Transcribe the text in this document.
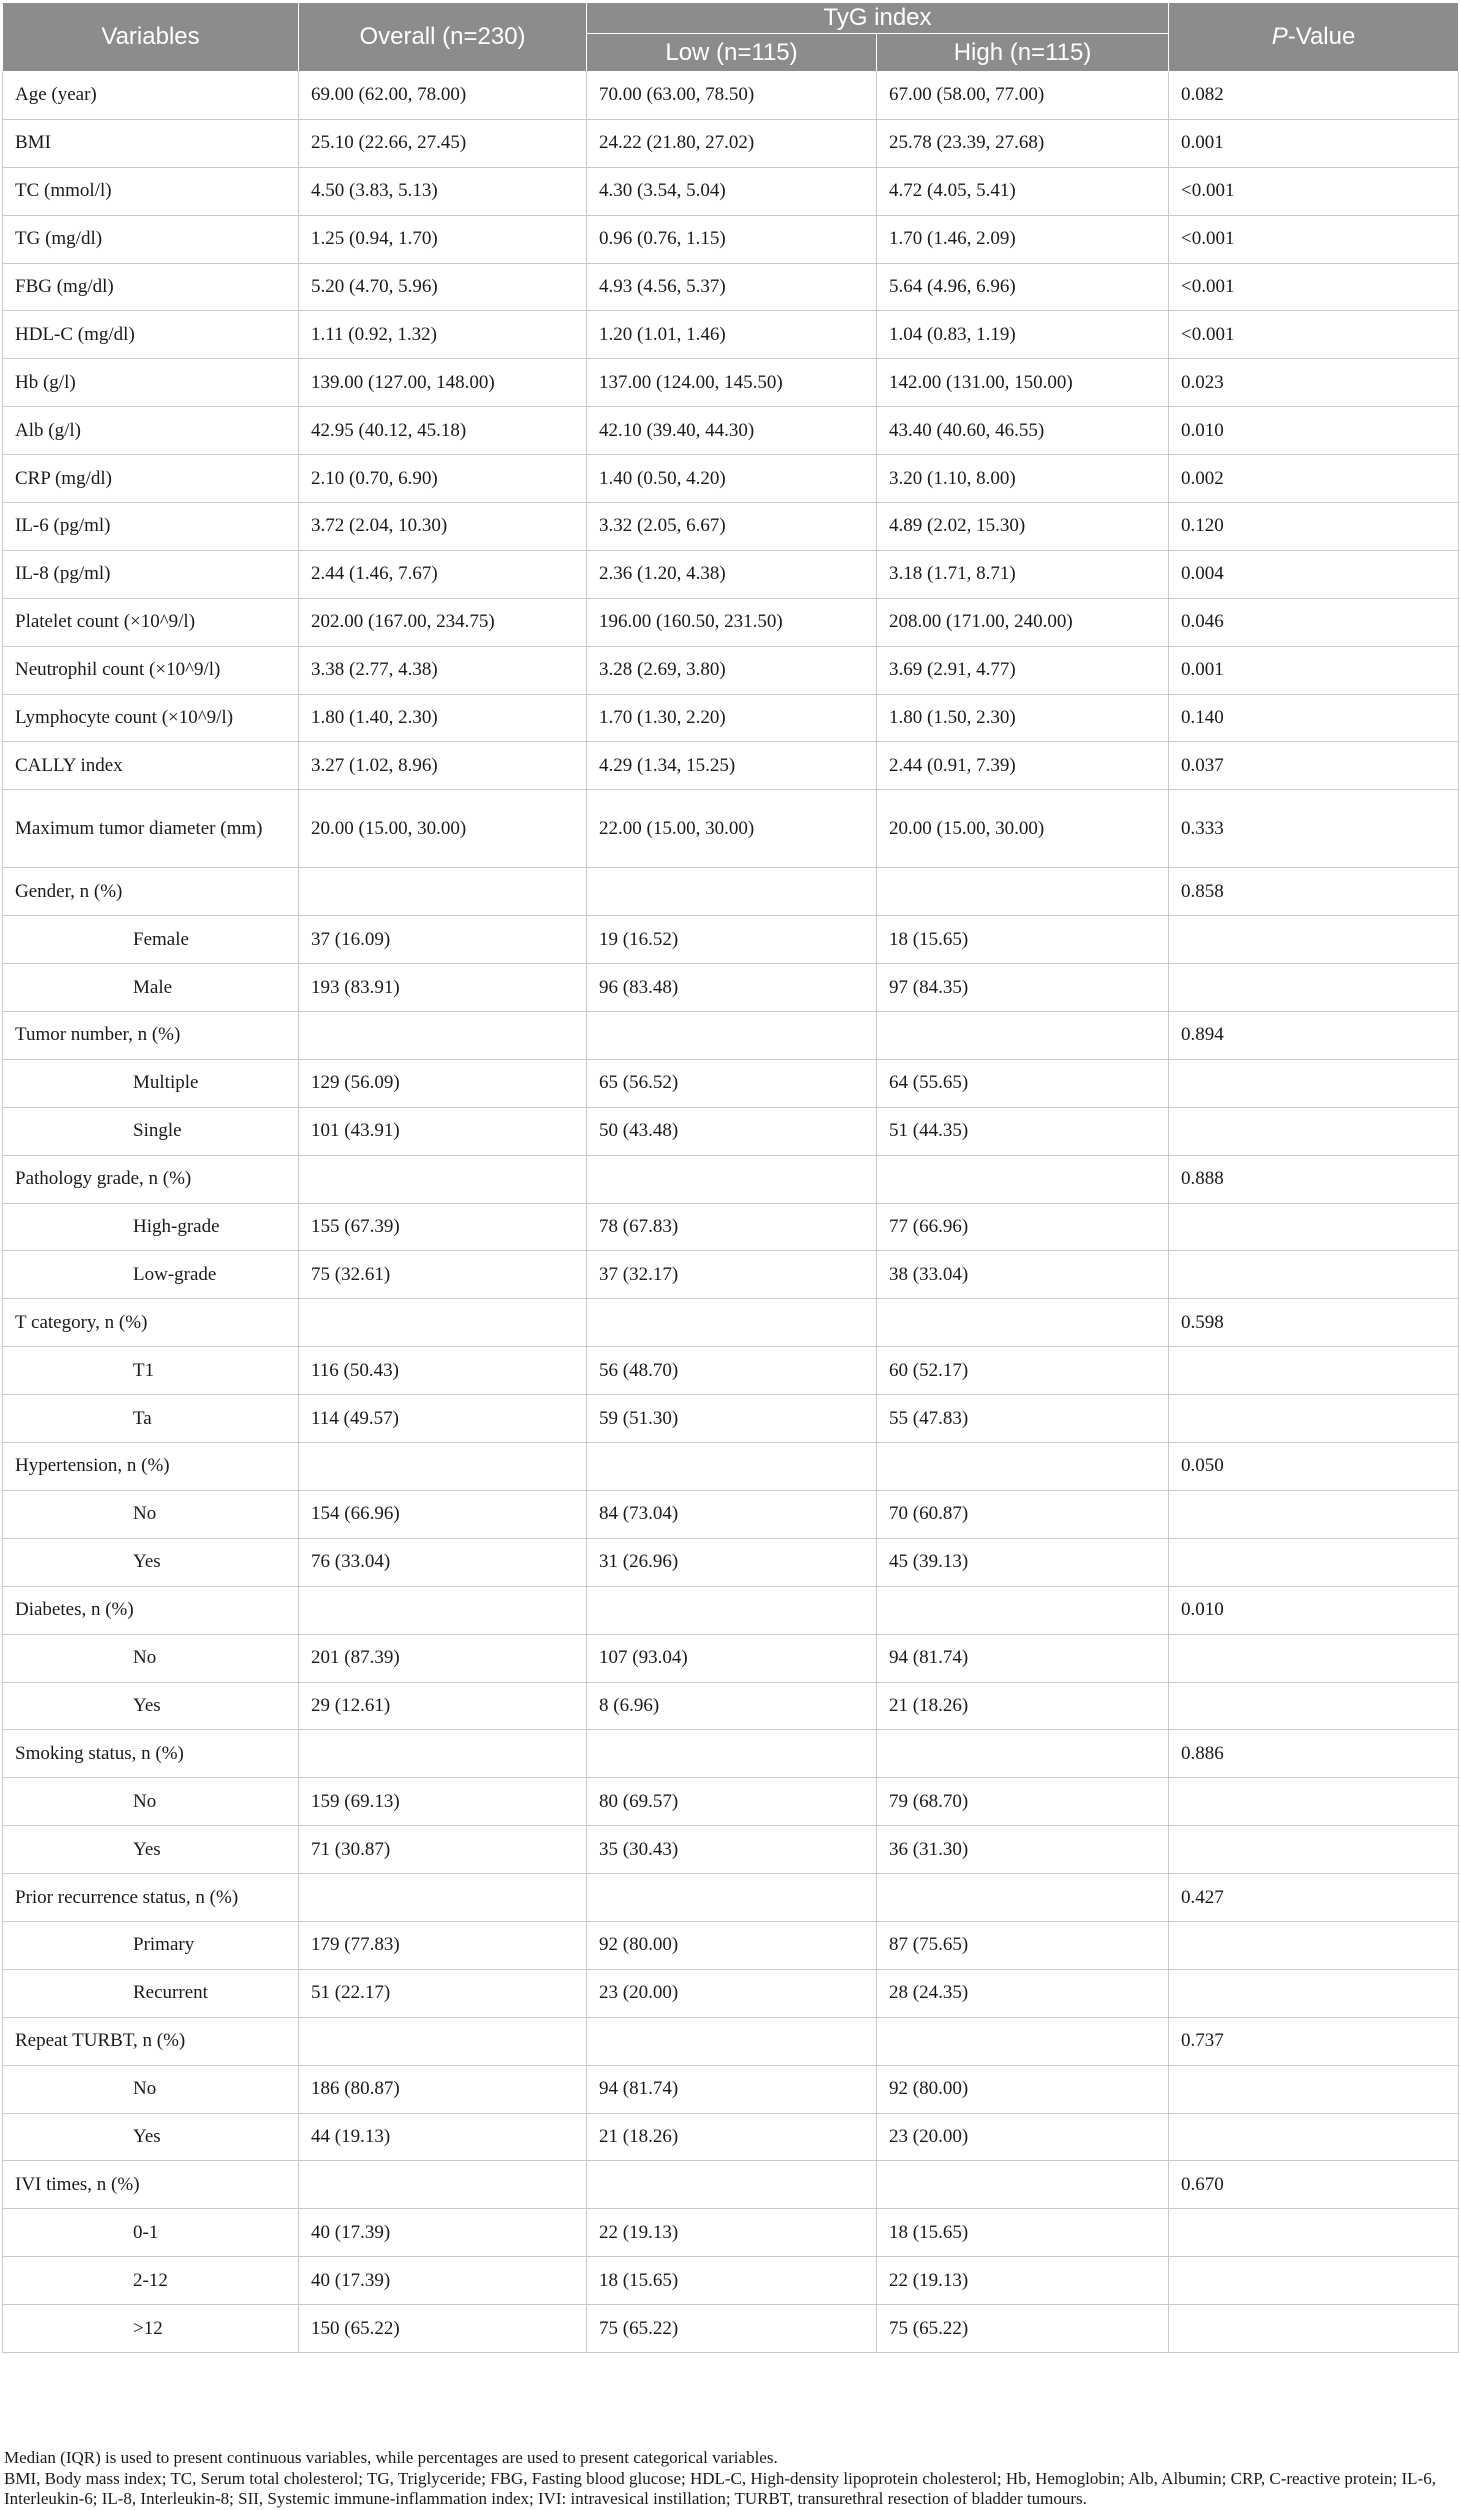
Variables	Overall (n=230)	TyG index		P-Value
		Low (n=115)	High (n=115)	
Age (year)	69.00 (62.00, 78.00)	70.00 (63.00, 78.50)	67.00 (58.00, 77.00)	0.082
BMI	25.10 (22.66, 27.45)	24.22 (21.80, 27.02)	25.78 (23.39, 27.68)	0.001
TC (mmol/l)	4.50 (3.83, 5.13)	4.30 (3.54, 5.04)	4.72 (4.05, 5.41)	<0.001
TG (mg/dl)	1.25 (0.94, 1.70)	0.96 (0.76, 1.15)	1.70 (1.46, 2.09)	<0.001
FBG (mg/dl)	5.20 (4.70, 5.96)	4.93 (4.56, 5.37)	5.64 (4.96, 6.96)	<0.001
HDL-C (mg/dl)	1.11 (0.92, 1.32)	1.20 (1.01, 1.46)	1.04 (0.83, 1.19)	<0.001
Hb (g/l)	139.00 (127.00, 148.00)	137.00 (124.00, 145.50)	142.00 (131.00, 150.00)	0.023
Alb (g/l)	42.95 (40.12, 45.18)	42.10 (39.40, 44.30)	43.40 (40.60, 46.55)	0.010
CRP (mg/dl)	2.10 (0.70, 6.90)	1.40 (0.50, 4.20)	3.20 (1.10, 8.00)	0.002
IL-6 (pg/ml)	3.72 (2.04, 10.30)	3.32 (2.05, 6.67)	4.89 (2.02, 15.30)	0.120
IL-8 (pg/ml)	2.44 (1.46, 7.67)	2.36 (1.20, 4.38)	3.18 (1.71, 8.71)	0.004
Platelet count (×10^9/l)	202.00 (167.00, 234.75)	196.00 (160.50, 231.50)	208.00 (171.00, 240.00)	0.046
Neutrophil count (×10^9/l)	3.38 (2.77, 4.38)	3.28 (2.69, 3.80)	3.69 (2.91, 4.77)	0.001
Lymphocyte count (×10^9/l)	1.80 (1.40, 2.30)	1.70 (1.30, 2.20)	1.80 (1.50, 2.30)	0.140
CALLY index	3.27 (1.02, 8.96)	4.29 (1.34, 15.25)	2.44 (0.91, 7.39)	0.037
Maximum tumor diameter (mm)	20.00 (15.00, 30.00)	22.00 (15.00, 30.00)	20.00 (15.00, 30.00)	0.333
Gender, n (%)				0.858
Female	37 (16.09)	19 (16.52)	18 (15.65)	
Male	193 (83.91)	96 (83.48)	97 (84.35)	
Tumor number, n (%)				0.894
Multiple	129 (56.09)	65 (56.52)	64 (55.65)	
Single	101 (43.91)	50 (43.48)	51 (44.35)	
Pathology grade, n (%)				0.888
High-grade	155 (67.39)	78 (67.83)	77 (66.96)	
Low-grade	75 (32.61)	37 (32.17)	38 (33.04)	
T category, n (%)				0.598
T1	116 (50.43)	56 (48.70)	60 (52.17)	
Ta	114 (49.57)	59 (51.30)	55 (47.83)	
Hypertension, n (%)				0.050
No	154 (66.96)	84 (73.04)	70 (60.87)	
Yes	76 (33.04)	31 (26.96)	45 (39.13)	
Diabetes, n (%)				0.010
No	201 (87.39)	107 (93.04)	94 (81.74)	
Yes	29 (12.61)	8 (6.96)	21 (18.26)	
Smoking status, n (%)				0.886
No	159 (69.13)	80 (69.57)	79 (68.70)	
Yes	71 (30.87)	35 (30.43)	36 (31.30)	
Prior recurrence status, n (%)				0.427
Primary	179 (77.83)	92 (80.00)	87 (75.65)	
Recurrent	51 (22.17)	23 (20.00)	28 (24.35)	
Repeat TURBT, n (%)				0.737
No	186 (80.87)	94 (81.74)	92 (80.00)	
Yes	44 (19.13)	21 (18.26)	23 (20.00)	
IVI times, n (%)				0.670
0-1	40 (17.39)	22 (19.13)	18 (15.65)	
2-12	40 (17.39)	18 (15.65)	22 (19.13)	
>12	150 (65.22)	75 (65.22)	75 (65.22)	
Median (IQR) is used to present continuous variables, while percentages are used to present categorical variables.
BMI, Body mass index; TC, Serum total cholesterol; TG, Triglyceride; FBG, Fasting blood glucose; HDL-C, High-density lipoprotein cholesterol; Hb, Hemoglobin; Alb, Albumin; CRP, C-reactive protein; IL-6, Interleukin-6; IL-8, Interleukin-8; SII, Systemic immune-inflammation index; IVI: intravesical instillation; TURBT, transurethral resection of bladder tumours.
